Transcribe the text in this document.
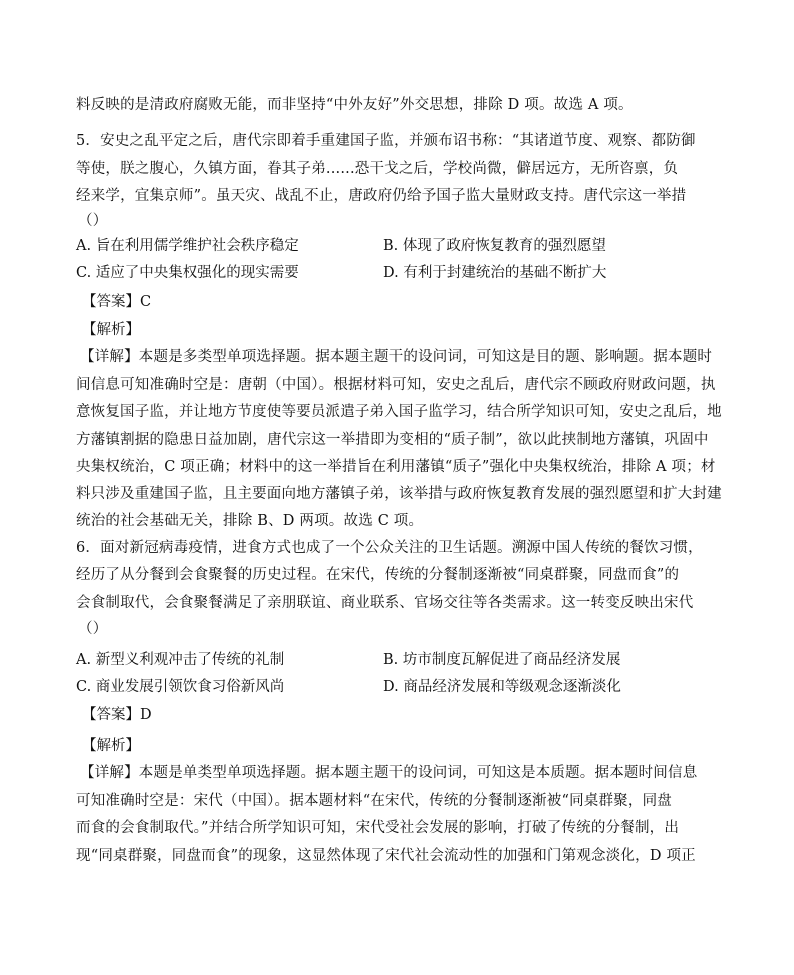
料反映的是清政府腐败无能，而非坚持“中外友好”外交思想，排除 D 项。故选 A 项。
5．安史之乱平定之后，唐代宗即着手重建国子监，并颁布诏书称：“其诸道节度、观察、都防御
等使，朕之腹心，久镇方面，眷其子弟......恐干戈之后，学校尚微，僻居远方，无所咨禀，负
经来学，宜集京师”。虽天灾、战乱不止，唐政府仍给予国子监大量财政支持。唐代宗这一举措
（）
A. 旨在利用儒学维护社会秩序稳定	B. 体现了政府恢复教育的强烈愿望
C. 适应了中央集权强化的现实需要	D. 有利于封建统治的基础不断扩大
【答案】C
【解析】
【详解】本题是多类型单项选择题。据本题主题干的设问词，可知这是目的题、影响题。据本题时
间信息可知准确时空是：唐朝（中国）。根据材料可知，安史之乱后，唐代宗不顾政府财政问题，执
意恢复国子监，并让地方节度使等要员派遣子弟入国子监学习，结合所学知识可知，安史之乱后，地
方藩镇割据的隐患日益加剧，唐代宗这一举措即为变相的“质子制”，欲以此挟制地方藩镇，巩固中
央集权统治，C 项正确；材料中的这一举措旨在利用藩镇“质子”强化中央集权统治，排除 A 项；材
料只涉及重建国子监，且主要面向地方藩镇子弟，该举措与政府恢复教育发展的强烈愿望和扩大封建
统治的社会基础无关，排除 B、D 两项。故选 C 项。
6．面对新冠病毒疫情，进食方式也成了一个公众关注的卫生话题。溯源中国人传统的餐饮习惯，
经历了从分餐到会食聚餐的历史过程。在宋代，传统的分餐制逐渐被“同桌群聚，同盘而食”的
会食制取代，会食聚餐满足了亲朋联谊、商业联系、官场交往等各类需求。这一转变反映出宋代
（）
A. 新型义利观冲击了传统的礼制	B. 坊市制度瓦解促进了商品经济发展
C. 商业发展引领饮食习俗新风尚	D. 商品经济发展和等级观念逐渐淡化
【答案】D
【解析】
【详解】本题是单类型单项选择题。据本题主题干的设问词，可知这是本质题。据本题时间信息
可知准确时空是：宋代（中国）。据本题材料“在宋代，传统的分餐制逐渐被“同桌群聚，同盘
而食的会食制取代。”并结合所学知识可知，宋代受社会发展的影响，打破了传统的分餐制，出
现“同桌群聚，同盘而食”的现象，这显然体现了宋代社会流动性的加强和门第观念淡化，D 项正
